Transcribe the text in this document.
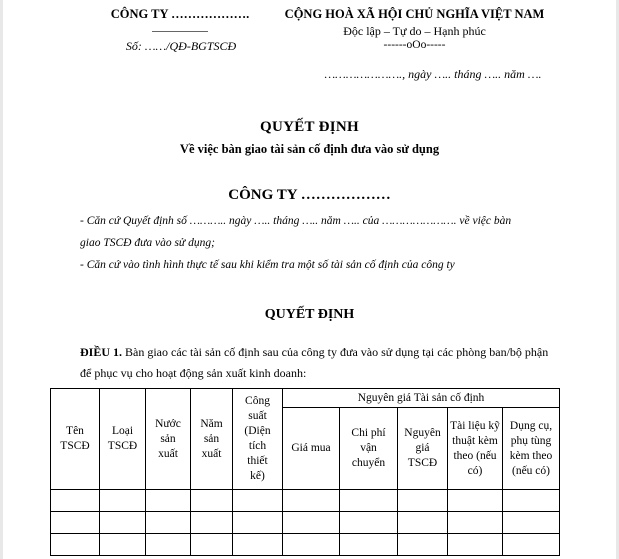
CÔNG TY ……………….
Số: ……/QĐ-BGTSCĐ
CỘNG HOÀ XÃ HỘI CHỦ NGHĨA VIỆT NAM
Độc lập – Tự do – Hạnh phúc
------oOo-----
…………………., ngày ….. tháng ….. năm ….
QUYẾT ĐỊNH
Về việc bàn giao tài sản cố định đưa vào sử dụng
CÔNG TY ………………
- Căn cứ Quyết định số ……….. ngày ….. tháng ….. năm ….. của …………………. về việc bàn
giao TSCĐ đưa vào sử dụng;
- Căn cứ vào tình hình thực tế sau khi kiểm tra một số tài sản cố định của công ty
QUYẾT ĐỊNH
ĐIỀU 1. Bàn giao các tài sản cố định sau của công ty đưa vào sử dụng tại các phòng ban/bộ phận
để phục vụ cho hoạt động sản xuất kinh doanh:
Tên TSCĐ	Loại TSCĐ	Nước sản xuất	Năm sản xuất	Công suất (Diện tích thiết kế)	Nguyên giá Tài sản cố định				

					Giá mua	Chi phí vận chuyển	Nguyên giá TSCĐ	Tài liệu kỹ thuật kèm theo (nếu có)	Dụng cụ, phụ tùng kèm theo (nếu có)
